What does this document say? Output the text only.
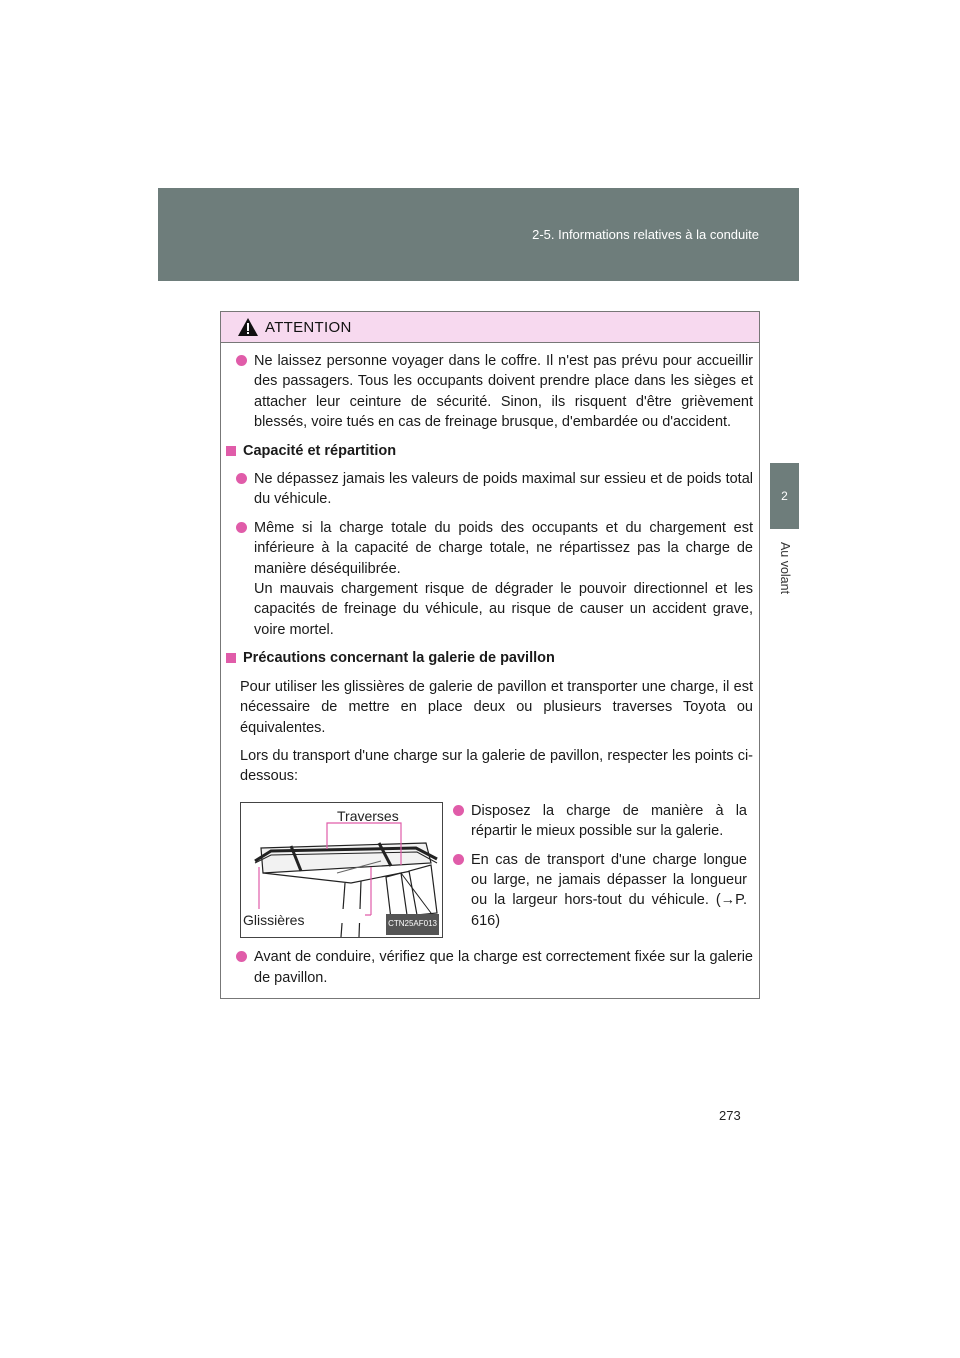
2-5. Informations relatives à la conduite
2
Au volant
ATTENTION
Ne laissez personne voyager dans le coffre. Il n'est pas prévu pour accueillir des passagers. Tous les occupants doivent prendre place dans les sièges et attacher leur ceinture de sécurité. Sinon, ils risquent d'être grièvement blessés, voire tués en cas de freinage brusque, d'embardée ou d'accident.
Capacité et répartition
Ne dépassez jamais les valeurs de poids maximal sur essieu et de poids total du véhicule.
Même si la charge totale du poids des occupants et du chargement est inférieure à la capacité de charge totale, ne répartissez pas la charge de manière déséquilibrée.
Un mauvais chargement risque de dégrader le pouvoir directionnel et les capacités de freinage du véhicule, au risque de causer un accident grave, voire mortel.
Précautions concernant la galerie de pavillon
Pour utiliser les glissières de galerie de pavillon et transporter une charge, il est nécessaire de mettre en place deux ou plusieurs traverses Toyota ou équivalentes.
Lors du transport d'une charge sur la galerie de pavillon, respecter les points ci-dessous:
Traverses
Glissières	CTN25AF013
Disposez la charge de manière à la répartir le mieux possible sur la galerie.
En cas de transport d'une charge longue ou large, ne jamais dépasser la longueur ou la largeur hors-tout du véhicule. (→P. 616)
Avant de conduire, vérifiez que la charge est correctement fixée sur la galerie de pavillon.
273
